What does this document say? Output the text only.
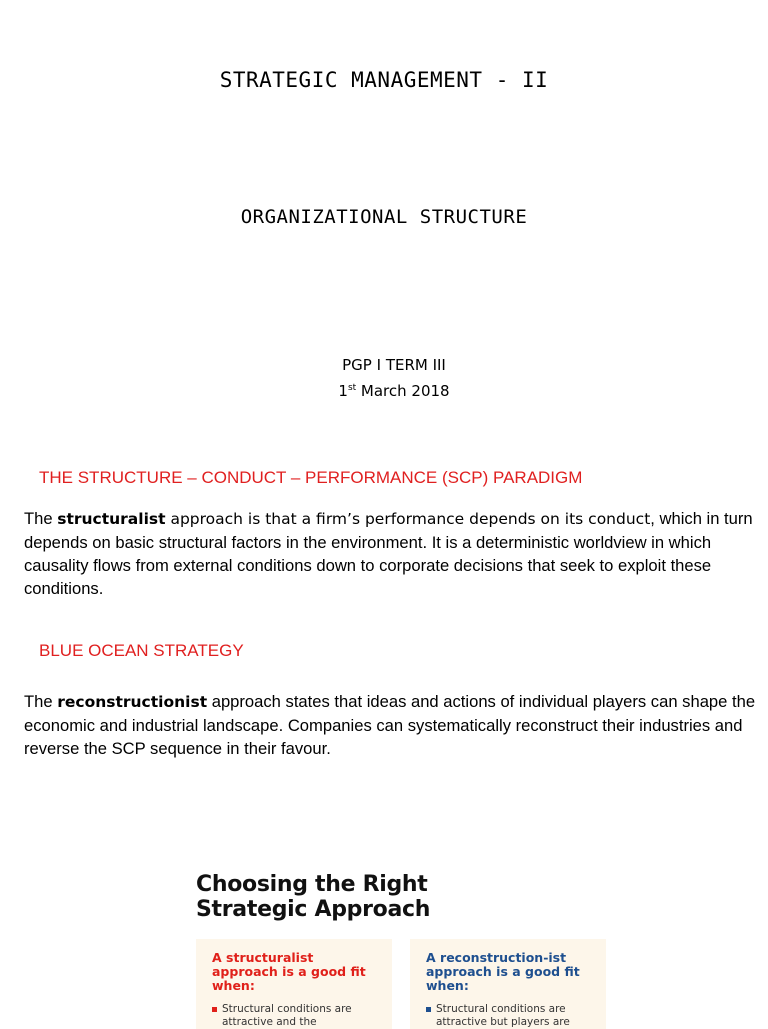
STRATEGIC MANAGEMENT - II
ORGANIZATIONAL STRUCTURE
PGP I TERM III
1st March 2018
THE STRUCTURE – CONDUCT – PERFORMANCE (SCP) PARADIGM
The structuralist approach is that a firm’s performance depends on its conduct, which in turn depends on basic structural factors in the environment. It is a deterministic worldview in which causality flows from external conditions down to corporate decisions that seek to exploit these conditions.
BLUE OCEAN STRATEGY
The reconstructionist approach states that ideas and actions of individual players can shape the economic and industrial landscape. Companies can systematically reconstruct their industries and reverse the SCP sequence in their favour.
Choosing the Right
Strategic Approach
A structuralist approach is a good fit when:
Structural conditions are attractive and the
A reconstruction-ist approach is a good fit when:
Structural conditions are attractive but players are
